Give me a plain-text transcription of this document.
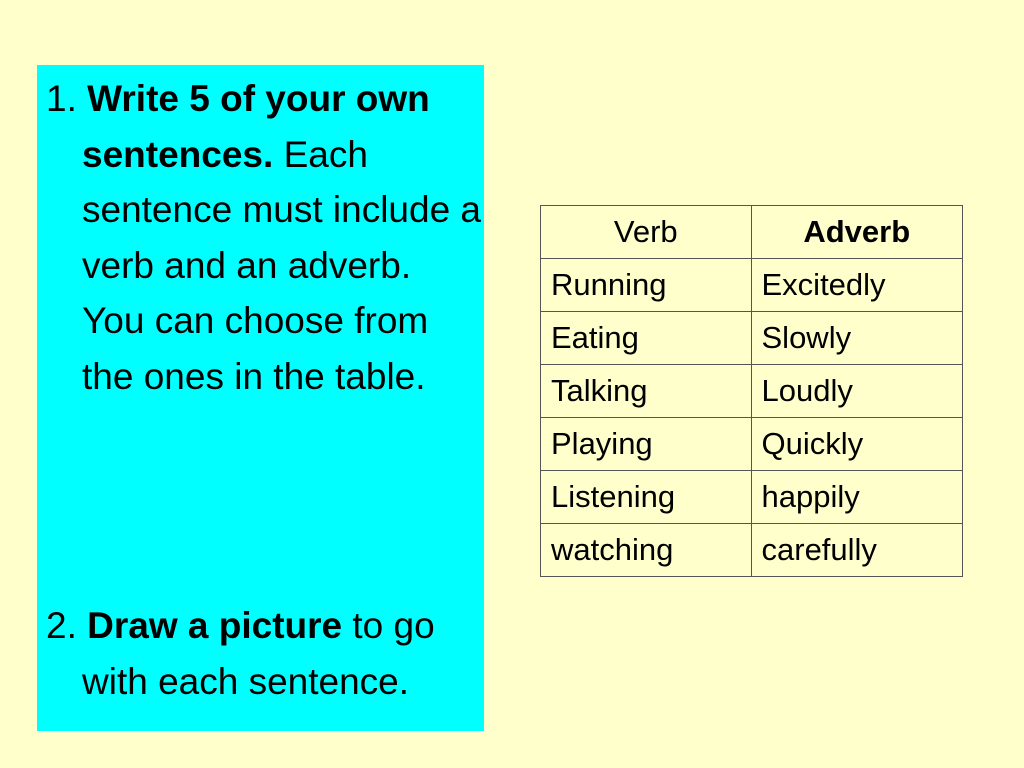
1. Write 5 of your own sentences. Each sentence must include a verb and an adverb. You can choose from the ones in the table.

2. Draw a picture to go with each sentence.

Verb	Adverb
Running	Excitedly
Eating	Slowly
Talking	Loudly
Playing	Quickly
Listening	happily
watching	carefully
